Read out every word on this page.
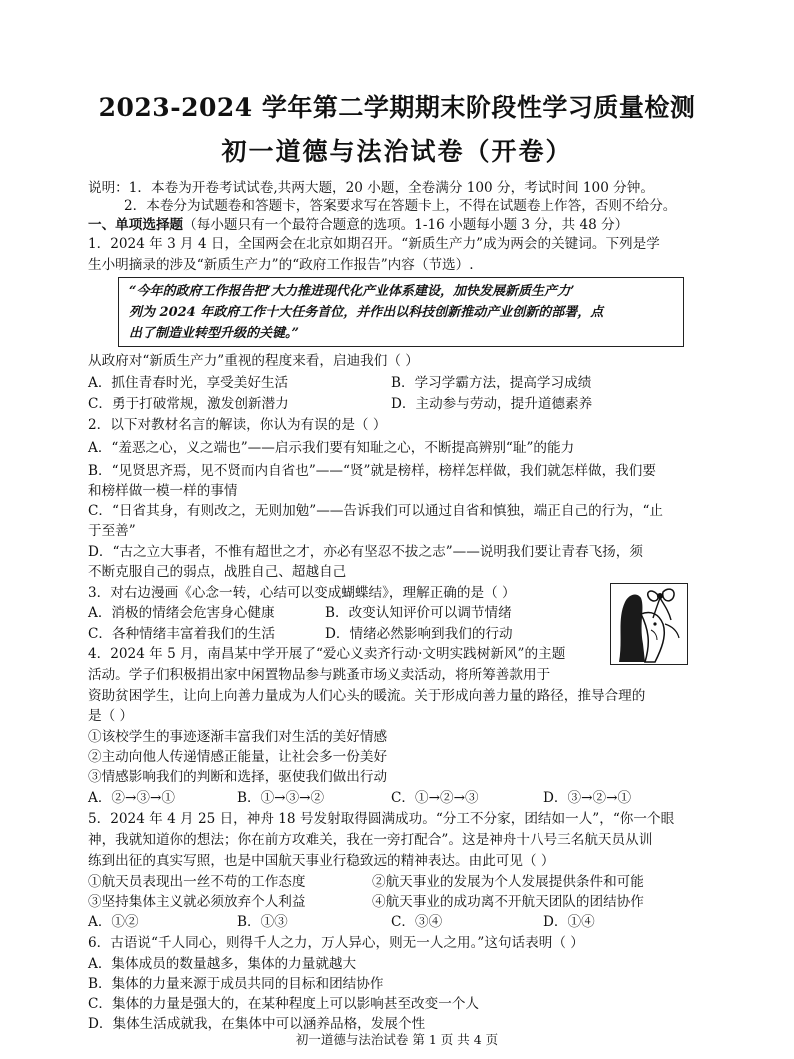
2023-2024 学年第二学期期末阶段性学习质量检测
初一道德与法治试卷（开卷）
说明：1．本卷为开卷考试试卷,共两大题，20 小题，全卷满分 100 分，考试时间 100 分钟。
2．本卷分为试题卷和答题卡，答案要求写在答题卡上，不得在试题卷上作答，否则不给分。
一、单项选择题（每小题只有一个最符合题意的选项。1-16 小题每小题 3 分，共 48 分）
1．2024 年 3 月 4 日，全国两会在北京如期召开。“新质生产力”成为两会的关键词。下列是学
生小明摘录的涉及“新质生产力”的“政府工作报告”内容（节选）.
“今年的政府工作报告把‘大力推进现代化产业体系建设，加快发展新质生产力’
列为 2024 年政府工作十大任务首位，并作出以科技创新推动产业创新的部署，点
出了制造业转型升级的关键。”
从政府对“新质生产力”重视的程度来看，启迪我们（ ）
A．抓住青春时光，享受美好生活	B．学习学霸方法，提高学习成绩
C．勇于打破常规，激发创新潜力	D．主动参与劳动，提升道德素养
2．以下对教材名言的解读，你认为有误的是（ ）
A．“羞恶之心，义之端也”——启示我们要有知耻之心，不断提高辨别“耻”的能力
B．“见贤思齐焉，见不贤而内自省也”——“贤”就是榜样，榜样怎样做，我们就怎样做，我们要
和榜样做一模一样的事情
C．“日省其身，有则改之，无则加勉”——告诉我们可以通过自省和慎独，端正自己的行为，“止
于至善”
D．“古之立大事者，不惟有超世之才，亦必有坚忍不拔之志”——说明我们要让青春飞扬，须
不断克服自己的弱点，战胜自己、超越自己
3．对右边漫画《心念一转，心结可以变成蝴蝶结》，理解正确的是（ ）
A．消极的情绪会危害身心健康	B．改变认知评价可以调节情绪
C．各种情绪丰富着我们的生活	D．情绪必然影响到我们的行动
4．2024 年 5 月，南昌某中学开展了“爱心义卖齐行动·文明实践树新风”的主题
活动。学子们积极捐出家中闲置物品参与跳蚤市场义卖活动，将所筹善款用于
资助贫困学生，让向上向善力量成为人们心头的暖流。关于形成向善力量的路径，推导合理的
是（ ）
①该校学生的事迹逐渐丰富我们对生活的美好情感
②主动向他人传递情感正能量，让社会多一份美好
③情感影响我们的判断和选择，驱使我们做出行动
A．②→③→①	B．①→③→②	C．①→②→③	D．③→②→①
5．2024 年 4 月 25 日，神舟 18 号发射取得圆满成功。“分工不分家，团结如一人”，“你一个眼
神，我就知道你的想法；你在前方攻难关，我在一旁打配合”。这是神舟十八号三名航天员从训
练到出征的真实写照，也是中国航天事业行稳致远的精神表达。由此可见（ ）
①航天员表现出一丝不苟的工作态度	②航天事业的发展为个人发展提供条件和可能
③坚持集体主义就必须放弃个人利益	④航天事业的成功离不开航天团队的团结协作
A．①②	B．①③	C．③④	D．①④
6．古语说“千人同心，则得千人之力，万人异心，则无一人之用。”这句话表明（ ）
A．集体成员的数量越多，集体的力量就越大
B．集体的力量来源于成员共同的目标和团结协作
C．集体的力量是强大的，在某种程度上可以影响甚至改变一个人
D．集体生活成就我，在集体中可以涵养品格，发展个性
初一道德与法治试卷 第 1 页 共 4 页
